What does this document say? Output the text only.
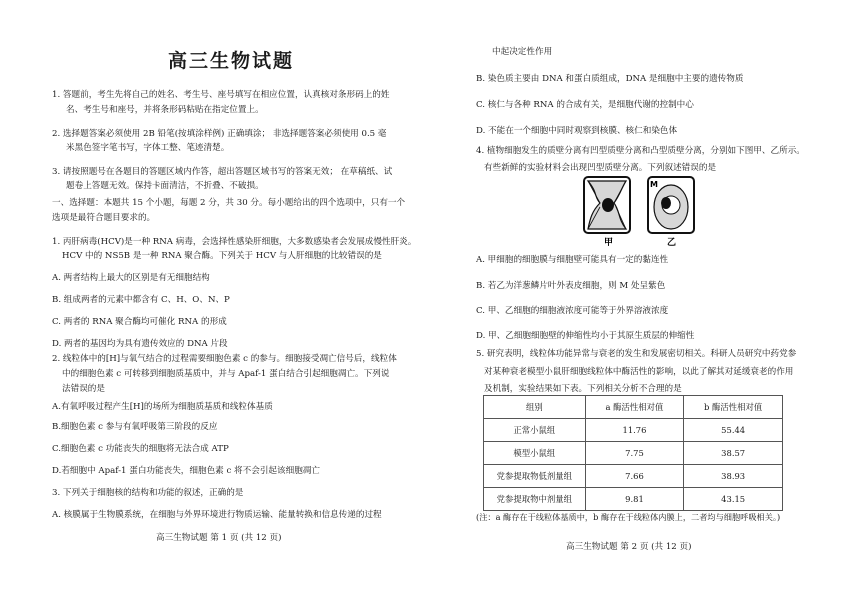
高三生物试题
1. 答题前，考生先将自己的姓名、考生号、座号填写在相应位置，认真核对条形码上的姓
名、考生号和座号，并将条形码粘贴在指定位置上。
2. 选择题答案必须使用 2B 铅笔(按填涂样例) 正确填涂； 非选择题答案必须使用 0.5 毫
米黑色签字笔书写，字体工整、笔迹清楚。
3. 请按照题号在各题目的答题区域内作答，超出答题区域书写的答案无效； 在草稿纸、试
题卷上答题无效。保持卡面清洁，不折叠、不破损。
一、选择题：本题共 15 个小题，每题 2 分，共 30 分。每小题给出的四个选项中，只有一个
选项是最符合题目要求的。
1. 丙肝病毒(HCV)是一种 RNA 病毒，会选择性感染肝细胞，大多数感染者会发展成慢性肝炎。
HCV 中的 NS5B 是一种 RNA 聚合酶。下列关于 HCV 与人肝细胞的比较错误的是
A. 两者结构上最大的区别是有无细胞结构
B. 组成两者的元素中都含有 C、H、O、N、P
C. 两者的 RNA 聚合酶均可催化 RNA 的形成
D. 两者的基因均为具有遗传效应的 DNA 片段
2. 线粒体中的[H]与氧气结合的过程需要细胞色素 c 的参与。细胞接受凋亡信号后，线粒体
中的细胞色素 c 可转移到细胞质基质中，并与 Apaf-1 蛋白结合引起细胞凋亡。下列说
法错误的是
A.有氧呼吸过程产生[H]的场所为细胞质基质和线粒体基质
B.细胞色素 c 参与有氧呼吸第三阶段的反应
C.细胞色素 c 功能丧失的细胞将无法合成 ATP
D.若细胞中 Apaf-1 蛋白功能丧失，细胞色素 c 将不会引起该细胞凋亡
3. 下列关于细胞核的结构和功能的叙述，正确的是
A. 核膜属于生物膜系统，在细胞与外界环境进行物质运输、能量转换和信息传递的过程
高三生物试题 第 1 页 (共 12 页)
中起决定性作用
B. 染色质主要由 DNA 和蛋白质组成，DNA 是细胞中主要的遗传物质
C. 核仁与各种 RNA 的合成有关，是细胞代谢的控制中心
D. 不能在一个细胞中同时观察到核膜、核仁和染色体
4. 植物细胞发生的质壁分离有凹型质壁分离和凸型质壁分离，分别如下图甲、乙所示。
有些新鲜的实验材料会出现凹型质壁分离。下列叙述错误的是
M
甲	乙
A. 甲细胞的细胞膜与细胞壁可能具有一定的黏连性
B. 若乙为洋葱鳞片叶外表皮细胞，则 M 处呈紫色
C. 甲、乙细胞的细胞液浓度可能等于外界溶液浓度
D. 甲、乙细胞细胞壁的伸缩性均小于其原生质层的伸缩性
5. 研究表明，线粒体功能异常与衰老的发生和发展密切相关。科研人员研究中药党参
对某种衰老模型小鼠肝细胞线粒体中酶活性的影响，以此了解其对延缓衰老的作用
及机制，实验结果如下表。下列相关分析不合理的是
组别	a 酶活性相对值	b 酶活性相对值
正常小鼠组	11.76	55.44
模型小鼠组	7.75	38.57
党参提取物低剂量组	7.66	38.93
党参提取物中剂量组	9.81	43.15
(注：a 酶存在于线粒体基质中，b 酶存在于线粒体内膜上，二者均与细胞呼吸相关。)
高三生物试题 第 2 页 (共 12 页)
